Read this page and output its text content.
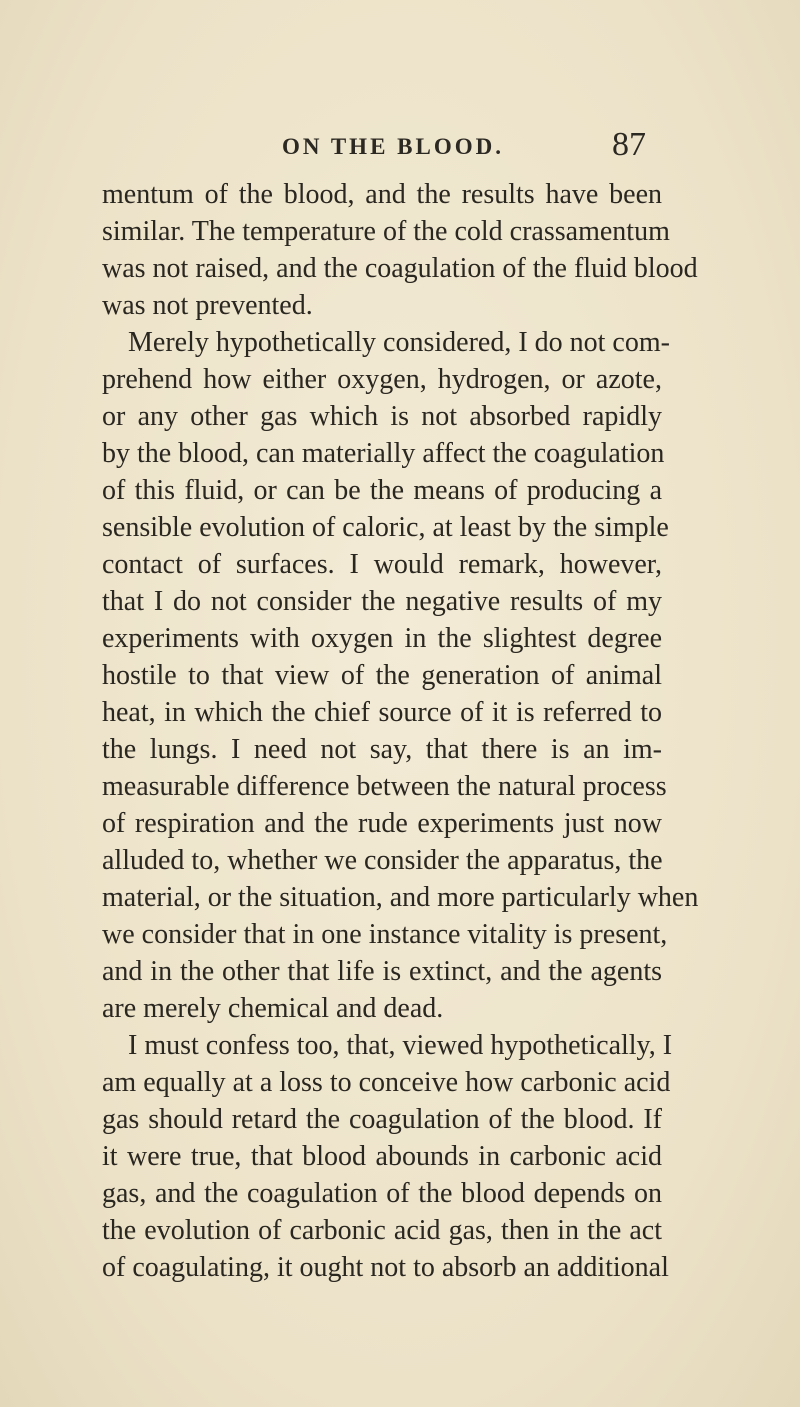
ON THE BLOOD.	87
mentum of the blood, and the results have been
similar. The temperature of the cold crassamentum
was not raised, and the coagulation of the fluid blood
was not prevented.
Merely hypothetically considered, I do not com-
prehend how either oxygen, hydrogen, or azote,
or any other gas which is not absorbed rapidly
by the blood, can materially affect the coagulation
of this fluid, or can be the means of producing a
sensible evolution of caloric, at least by the simple
contact of surfaces. I would remark, however,
that I do not consider the negative results of my
experiments with oxygen in the slightest degree
hostile to that view of the generation of animal
heat, in which the chief source of it is referred to
the lungs. I need not say, that there is an im-
measurable difference between the natural process
of respiration and the rude experiments just now
alluded to, whether we consider the apparatus, the
material, or the situation, and more particularly when
we consider that in one instance vitality is present,
and in the other that life is extinct, and the agents
are merely chemical and dead.
I must confess too, that, viewed hypothetically, I
am equally at a loss to conceive how carbonic acid
gas should retard the coagulation of the blood. If
it were true, that blood abounds in carbonic acid
gas, and the coagulation of the blood depends on
the evolution of carbonic acid gas, then in the act
of coagulating, it ought not to absorb an additional
